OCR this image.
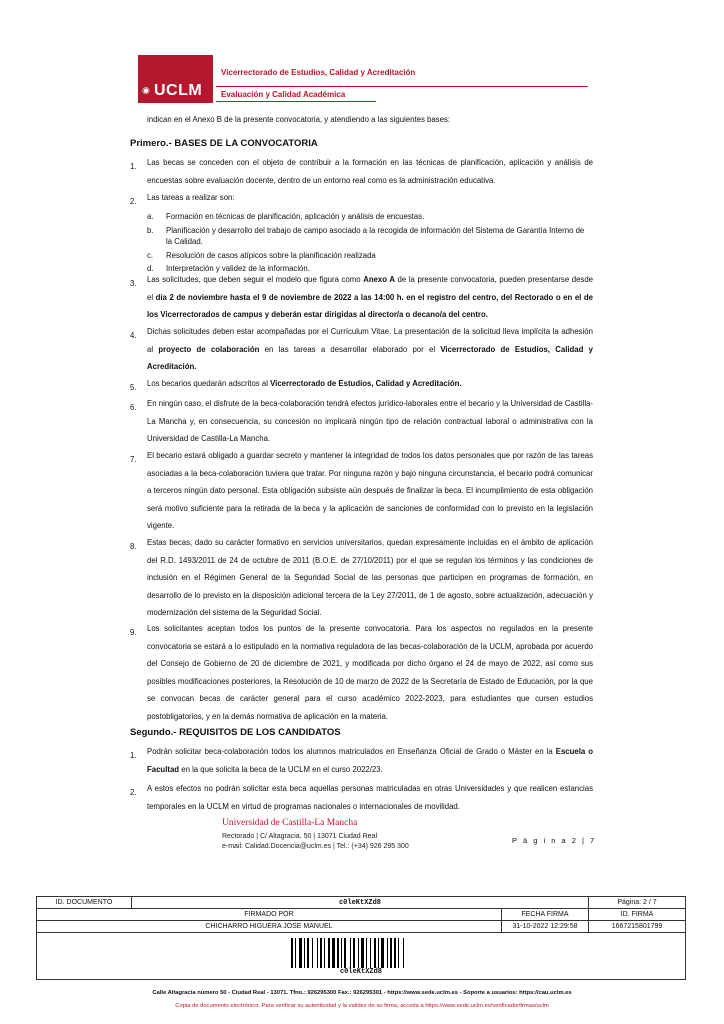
◉ UCLM
Vicerrectorado de Estudios, Calidad y Acreditación
Evaluación y Calidad Académica
indican en el Anexo B de la presente convocatoria, y atendiendo a las siguientes bases:
Primero.- BASES DE LA CONVOCATORIA
1. Las becas se conceden con el objeto de contribuir a la formación en las técnicas de planificación, aplicación y análisis de encuestas sobre evaluación docente, dentro de un entorno real como es la administración educativa.
2. Las tareas a realizar son:
a. Formación en técnicas de planificación, aplicación y análisis de encuestas.
b. Planificación y desarrollo del trabajo de campo asociado a la recogida de información del Sistema de Garantía Interno de la Calidad.
c. Resolución de casos atípicos sobre la planificación realizada
d. Interpretación y validez de la información.
3. Las solicitudes, que deben seguir el modelo que figura como Anexo A de la presente convocatoria, pueden presentarse desde el día 2 de noviembre hasta el 9 de noviembre de 2022 a las 14:00 h. en el registro del centro, del Rectorado o en el de los Vicerrectorados de campus y deberán estar dirigidas al director/a o decano/a del centro.
4. Dichas solicitudes deben estar acompañadas por el Currículum Vitae. La presentación de la solicitud lleva implícita la adhesión al proyecto de colaboración en las tareas a desarrollar elaborado por el Vicerrectorado de Estudios, Calidad y Acreditación.
5. Los becarios quedarán adscritos al Vicerrectorado de Estudios, Calidad y Acreditación.
6. En ningún caso, el disfrute de la beca-colaboración tendrá efectos jurídico-laborales entre el becario y la Universidad de Castilla-La Mancha y, en consecuencia, su concesión no implicará ningún tipo de relación contractual laboral o administrativa con la Universidad de Castilla-La Mancha.
7. El becario estará obligado a guardar secreto y mantener la integridad de todos los datos personales que por razón de las tareas asociadas a la beca-colaboración tuviera que tratar. Por ninguna razón y bajo ninguna circunstancia, el becario podrá comunicar a terceros ningún dato personal. Esta obligación subsiste aún después de finalizar la beca. El incumplimiento de esta obligación será motivo suficiente para la retirada de la beca y la aplicación de sanciones de conformidad con lo previsto en la legislación vigente.
8. Estas becas, dado su carácter formativo en servicios universitarios, quedan expresamente incluidas en el ámbito de aplicación del R.D. 1493/2011 de 24 de octubre de 2011 (B.O.E. de 27/10/2011) por el que se regulan los términos y las condiciones de inclusión en el Régimen General de la Seguridad Social de las personas que participen en programas de formación, en desarrollo de lo previsto en la disposición adicional tercera de la Ley 27/2011, de 1 de agosto, sobre actualización, adecuación y modernización del sistema de la Seguridad Social.
9. Los solicitantes aceptan todos los puntos de la presente convocatoria. Para los aspectos no regulados en la presente convocatoria se estará a lo estipulado en la normativa reguladora de las becas-colaboración de la UCLM, aprobada por acuerdo del Consejo de Gobierno de 20 de diciembre de 2021, y modificada por dicho órgano el 24 de mayo de 2022, así como sus posibles modificaciones posteriores, la Resolución de 10 de marzo de 2022 de la Secretaría de Estado de Educación, por la que se convocan becas de carácter general para el curso académico 2022-2023, para estudiantes que cursen estudios postobligatorios, y en la demás normativa de aplicación en la materia.
Segundo.- REQUISITOS DE LOS CANDIDATOS
1. Podrán solicitar beca-colaboración todos los alumnos matriculados en Enseñanza Oficial de Grado o Máster en la Escuela o Facultad en la que solicita la beca de la UCLM en el curso 2022/23.
2. A estos efectos no podrán solicitar esta beca aquellas personas matriculadas en otras Universidades y que realicen estancias temporales en la UCLM en virtud de programas nacionales o internacionales de movilidad.
Universidad de Castilla-La Mancha
Rectorado | C/ Altagracia, 50 | 13071 Ciudad Real
e-mail: Calidad.Docencia@uclm.es | Tel.: (+34) 926 295 300
P á g i n a 2 | 7
ID. DOCUMENTO	c0leKtXZd8		Página: 2 / 7
FIRMADO POR		FECHA FIRMA	ID. FIRMA
CHICHARRO HIGUERA JOSE MANUEL		31-10-2022 12:29:58	1667215801799

c0leKtXZd8			
Calle Altagracia número 50 - Ciudad Real - 13071. Tfno.: 926295300 Fax.: 926295301 - https://www.sede.uclm.es - Soporte a usuarios: https://cau.uclm.es
Copia de documento electrónico. Para verificar su autenticidad y la validez de su firma, acceda a https://www.sede.uclm.es/verificadorfirmas/uclm
